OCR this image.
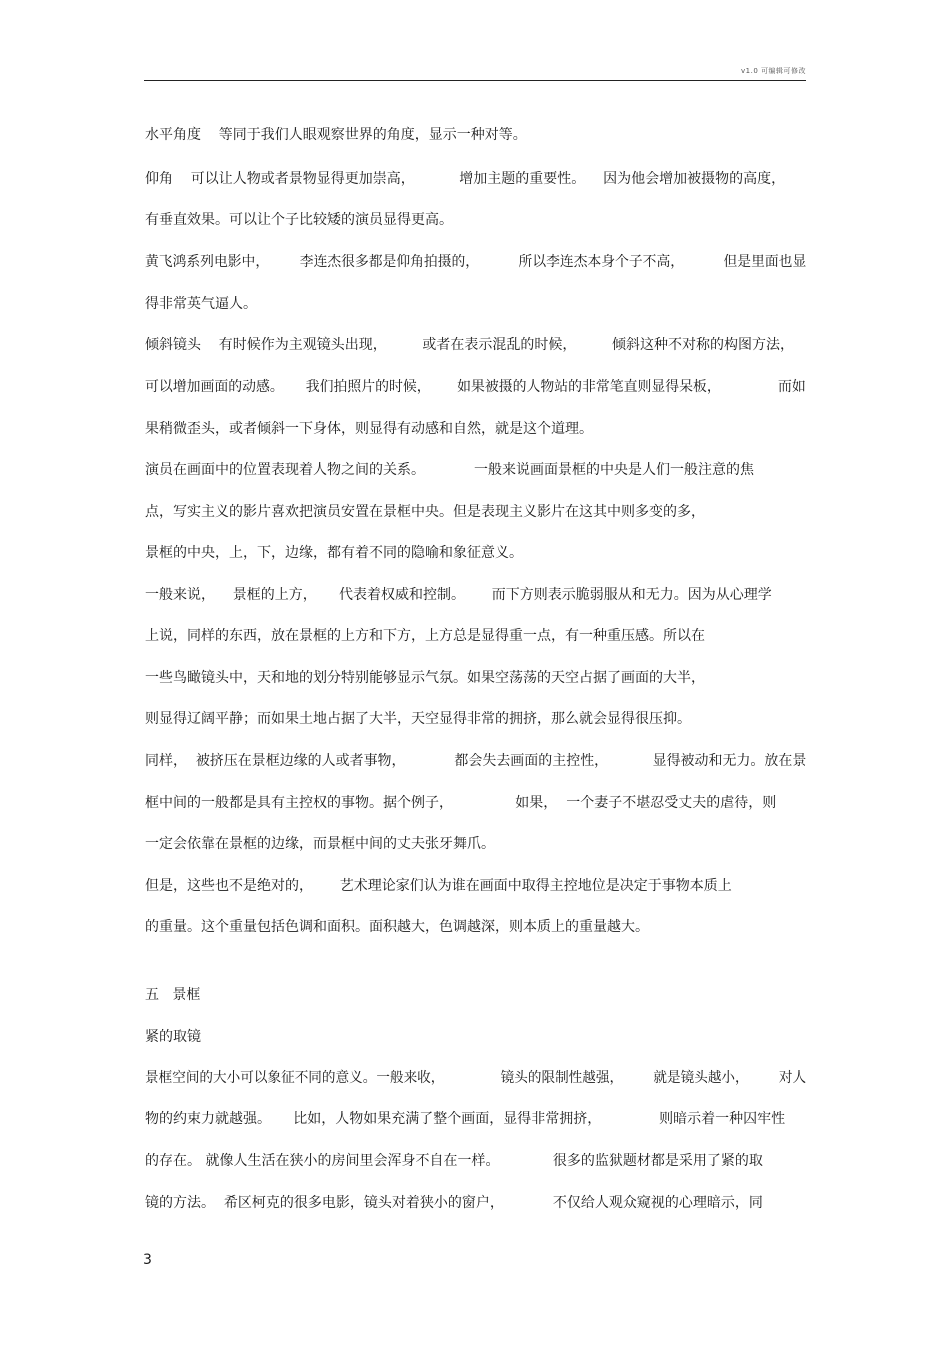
v1.0 可编辑可修改
水平角度    等同于我们人眼观察世界的角度，显示一种对等。
仰角    可以让人物或者景物显得更加崇高，          增加主题的重要性。    因为他会增加被摄物的高度，
有垂直效果。可以让个子比较矮的演员显得更高。
黄飞鸿系列电影中，       李连杰很多都是仰角拍摄的，         所以李连杰本身个子不高，         但是里面也显
得非常英气逼人。
倾斜镜头    有时候作为主观镜头出现，        或者在表示混乱的时候，        倾斜这种不对称的构图方法，
可以增加画面的动感。     我们拍照片的时候，      如果被摄的人物站的非常笔直则显得呆板，             而如
果稍微歪头，或者倾斜一下身体，则显得有动感和自然，就是这个道理。
演员在画面中的位置表现着人物之间的关系。           一般来说画面景框的中央是人们一般注意的焦
点，写实主义的影片喜欢把演员安置在景框中央。但是表现主义影片在这其中则多变的多，
景框的中央，上，下，边缘，都有着不同的隐喻和象征意义。
一般来说，    景框的上方，     代表着权威和控制。      而下方则表示脆弱服从和无力。因为从心理学
上说，同样的东西，放在景框的上方和下方，上方总是显得重一点，有一种重压感。所以在
一些鸟瞰镜头中，天和地的划分特别能够显示气氛。如果空荡荡的天空占据了画面的大半，
则显得辽阔平静；而如果土地占据了大半，天空显得非常的拥挤，那么就会显得很压抑。
同样，  被挤压在景框边缘的人或者事物，           都会失去画面的主控性，          显得被动和无力。放在景
框中间的一般都是具有主控权的事物。据个例子，              如果，  一个妻子不堪忍受丈夫的虐待，则
一定会依靠在景框的边缘，而景框中间的丈夫张牙舞爪。
但是，这些也不是绝对的，      艺术理论家们认为谁在画面中取得主控地位是决定于事物本质上
的重量。这个重量包括色调和面积。面积越大，色调越深，则本质上的重量越大。
五   景框
紧的取镜
景框空间的大小可以象征不同的意义。一般来收，             镜头的限制性越强，       就是镜头越小，       对人
物的约束力就越强。     比如，人物如果充满了整个画面，显得非常拥挤，             则暗示着一种囚牢性
的存在。 就像人生活在狭小的房间里会浑身不自在一样。            很多的监狱题材都是采用了紧的取
镜的方法。  希区柯克的很多电影，镜头对着狭小的窗户，           不仅给人观众窥视的心理暗示，同
3
